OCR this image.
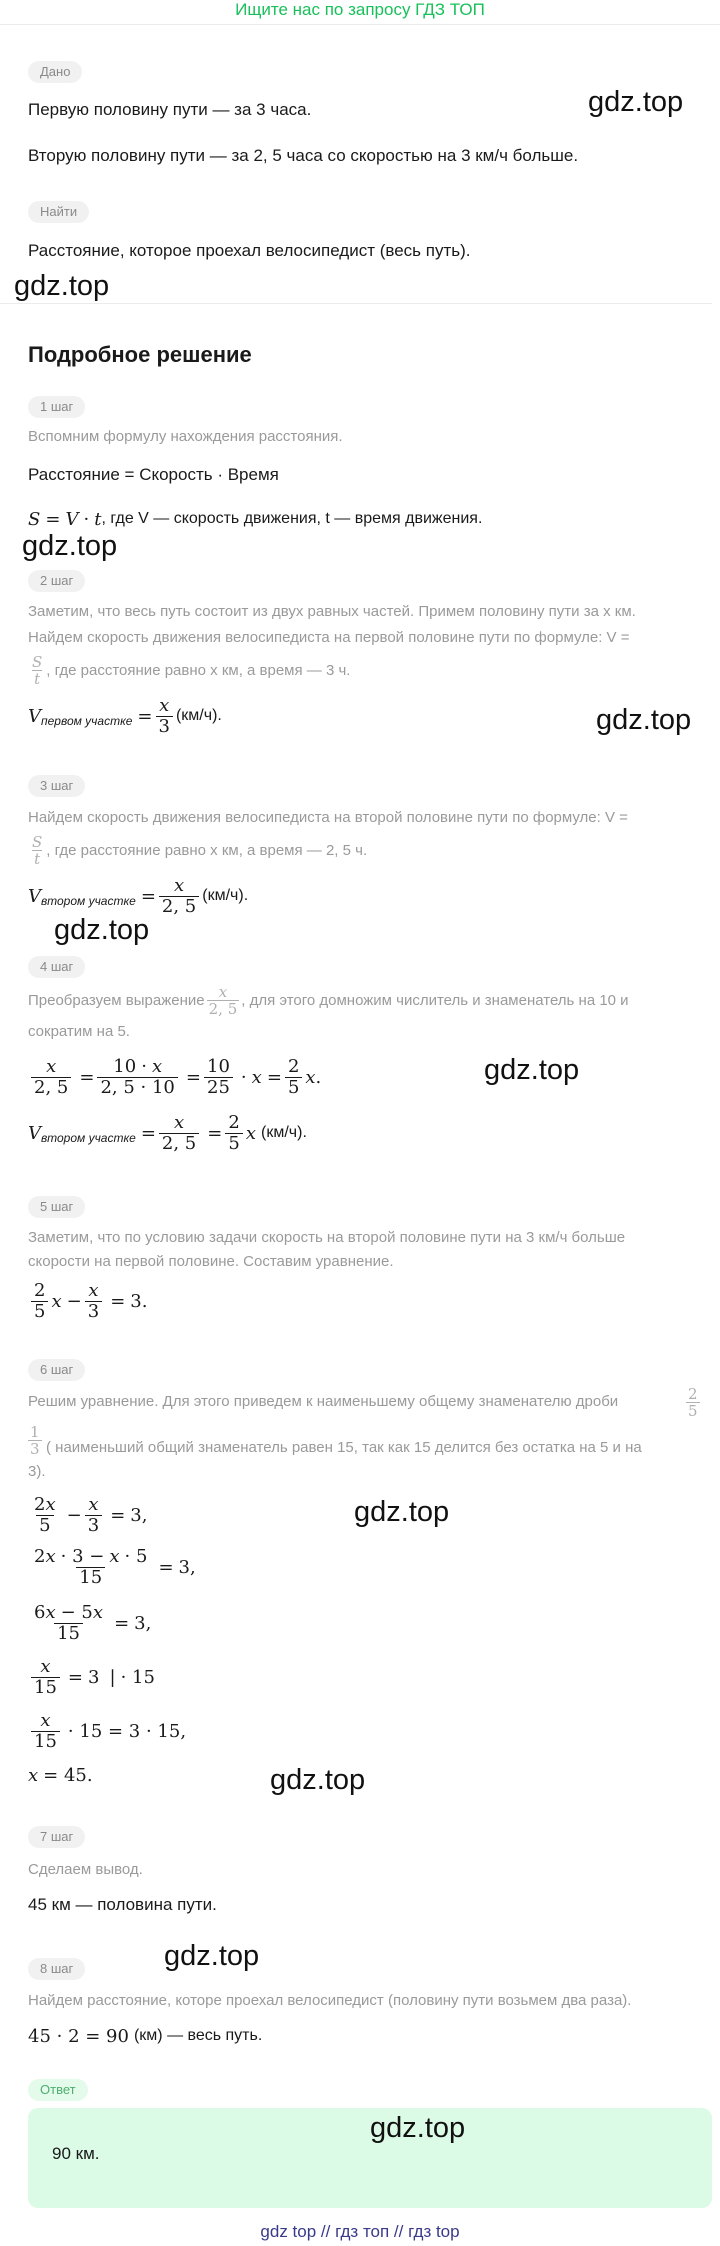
Ищите нас по запросу ГДЗ ТОП
Дано
Первую половину пути — за 3 часа.
Вторую половину пути — за 2, 5 часа со скоростью на 3 км/ч больше.
Найти
Расстояние, которое проехал велосипедист (весь путь).
Подробное решение
1 шаг
Вспомним формулу нахождения расстояния.
Расстояние = Скорость · Время
S
=
V
·
t , где V — скорость движения, t — время движения.
2 шаг
Заметим, что весь путь состоит из двух равных частей. Примем половину пути за x км.
Найдем скорость движения велосипедиста на первой половине пути по формуле: V =
$\frac{S}{t}$ , где расстояние равно x км, а время — 3 ч.
V первом участке
= $\frac{x}{3} (км/ч)$.
3 шаг
Найдем скорость движения велосипедиста на второй половине пути по формуле: V =
$\frac{S}{t}$ , где расстояние равно x км, а время — 2, 5 ч.
V втором участке
= $\frac{x}{2, 5} (км/ч)$.
4 шаг
Преобразуем выражение $\frac{x}{2, 5}$ , для этого домножим числитель и знаменатель на 10 и
сократим на 5.
$\frac{x}{2, 5}$
= $\frac{10 \cdot x}{2, 5 \cdot 10}$
= $\frac{10}{25}$
·
x
= $\frac{2}{5}$ x .
V втором участке
= $\frac{x}{2, 5}$
= $\frac{2}{5}$ x
(км/ч).
5 шаг
Заметим, что по условию задачи скорость на второй половине пути на 3 км/ч больше
скорости на первой половине. Составим уравнение.
$\frac{2}{5}$ x
− $\frac{x}{3}$
=
3.
6 шаг
Решим уравнение. Для этого приведем к наименьшему общему знаменателю дроби	$\frac{2}{5}$
$\frac{1}{3}$ ( наименьший общий знаменатель равен 15, так как 15 делится без остатка на 5 и на
3).
$\frac{2x}{5}$
− $\frac{x}{3}$
=
3,
$\frac{2x \cdot 3 - x \cdot 5}{15}$
=
3,
$\frac{6x - 5x}{15}$
=
3,
$\frac{x}{15}$
=
3
|
· 15
$\frac{x}{15}$
· 15 = 3 · 15,
x
= 45.
7 шаг
Сделаем вывод.
45 км — половина пути.
8 шаг
Найдем расстояние, которе проехал велосипедист (половину пути возьмем два раза).
45 · 2 = 90
(км) — весь путь.
Ответ
90 км.
gdz.top
gdz.top
gdz.top
gdz.top
gdz.top
gdz.top
gdz.top
gdz.top
gdz.top
gdz.top
gdz top // гдз топ // гдз top
